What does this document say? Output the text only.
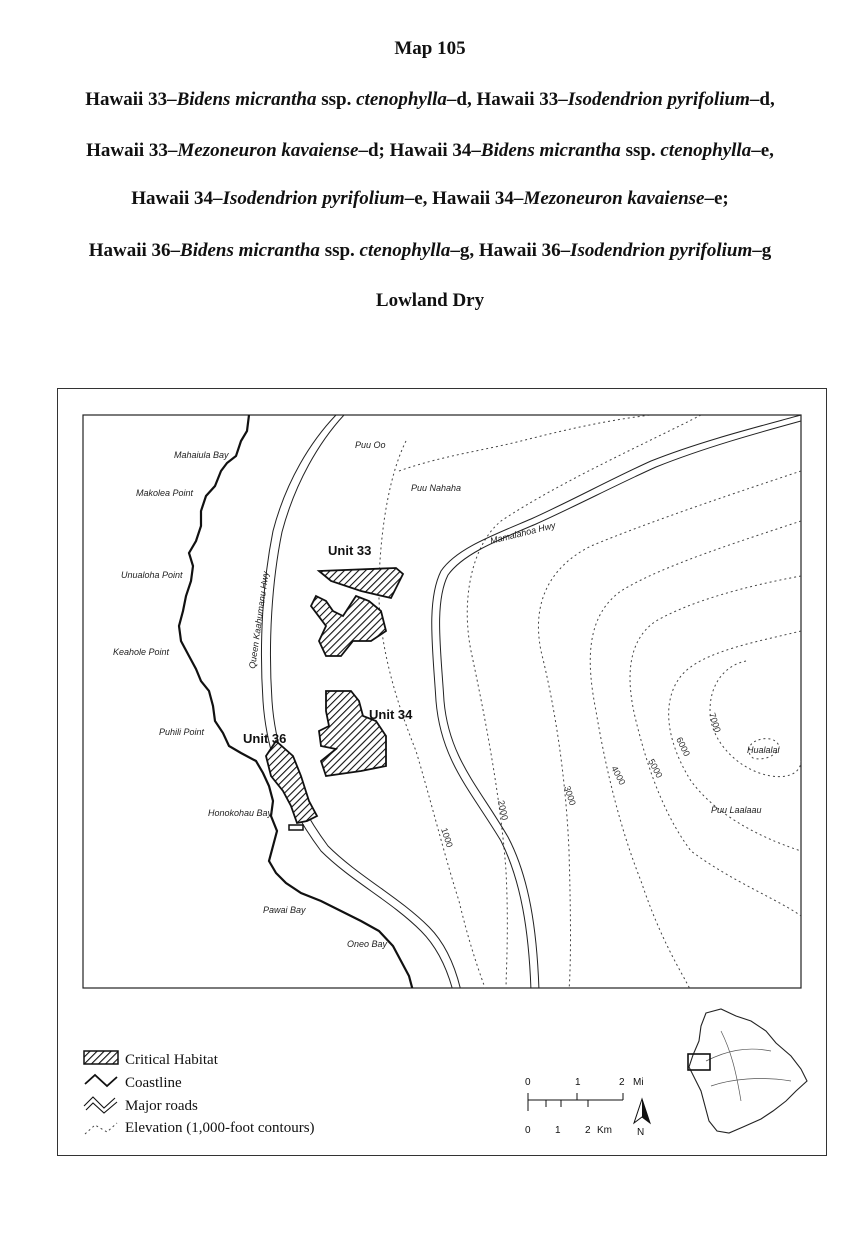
Map 105
Hawaii 33–Bidens micrantha ssp. ctenophylla–d, Hawaii 33–Isodendrion pyrifolium–d,
Hawaii 33–Mezoneuron kavaiense–d; Hawaii 34–Bidens micrantha ssp. ctenophylla–e,
Hawaii 34–Isodendrion pyrifolium–e, Hawaii 34–Mezoneuron kavaiense–e;
Hawaii 36–Bidens micrantha ssp. ctenophylla–g, Hawaii 36–Isodendrion pyrifolium–g
Lowland Dry
Mahaiula Bay
Makolea Point
Unualoha Point
Keahole Point
Puhili Point
Honokohau Bay
Pawai Bay
Oneo Bay
Puu Oo
Puu Nahaha
Hualalai
Puu Laalaau
Queen Kaahumanu Hwy
Mamalahoa Hwy
Unit 33
Unit 34
Unit 36
1000
2000
3000
4000 5000
6000
7000
Critical Habitat
Coastline
Major roads
Elevation (1,000-foot contours)
0	1	2 Mi
0 1 2 Km	N
